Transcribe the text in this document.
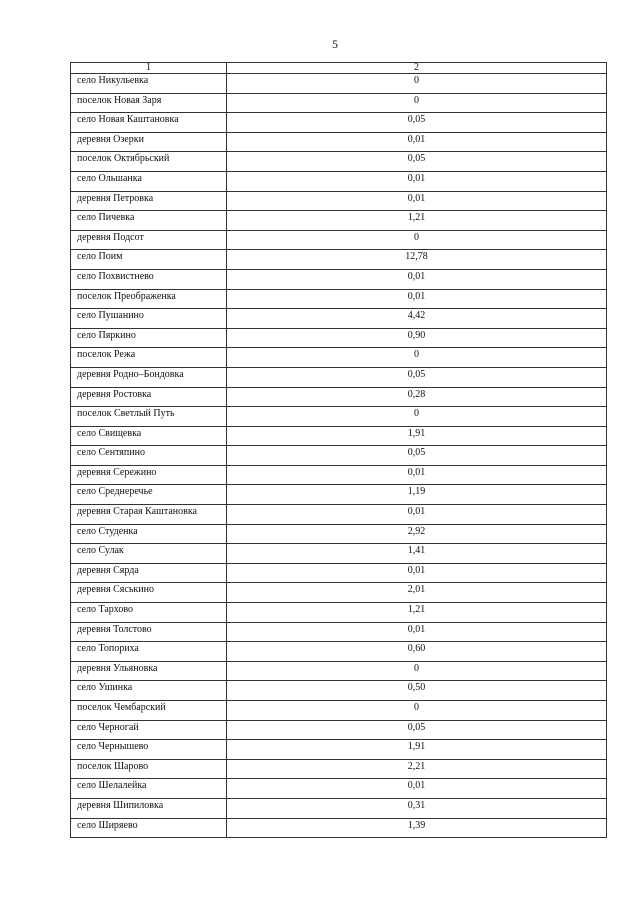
5
1	2
село Никульевка	0
поселок Новая Заря	0
село Новая Каштановка	0,05
деревня Озерки	0,01
поселок Октябрьский	0,05
село Ольшанка	0,01
деревня Петровка	0,01
село Пичевка	1,21
деревня Подсот	0
село Поим	12,78
село Похвистнево	0,01
поселок Преображенка	0,01
село Пушанино	4,42
село Пяркино	0,90
поселок Режа	0
деревня Родно–Бондовка	0,05
деревня Ростовка	0,28
поселок Светлый Путь	0
село Свищевка	1,91
село Сентяпино	0,05
деревня Сережино	0,01
село Среднеречье	1,19
деревня Старая Каштановка	0,01
село Студенка	2,92
село Сулак	1,41
деревня Сярда	0,01
деревня Сяськино	2,01
село Тархово	1,21
деревня Толстово	0,01
село Топориха	0,60
деревня Ульяновка	0
село Ушинка	0,50
поселок Чембарский	0
село Черногай	0,05
село Чернышево	1,91
поселок Шарово	2,21
село Шелалейка	0,01
деревня Шипиловка	0,31
село Ширяево	1,39
